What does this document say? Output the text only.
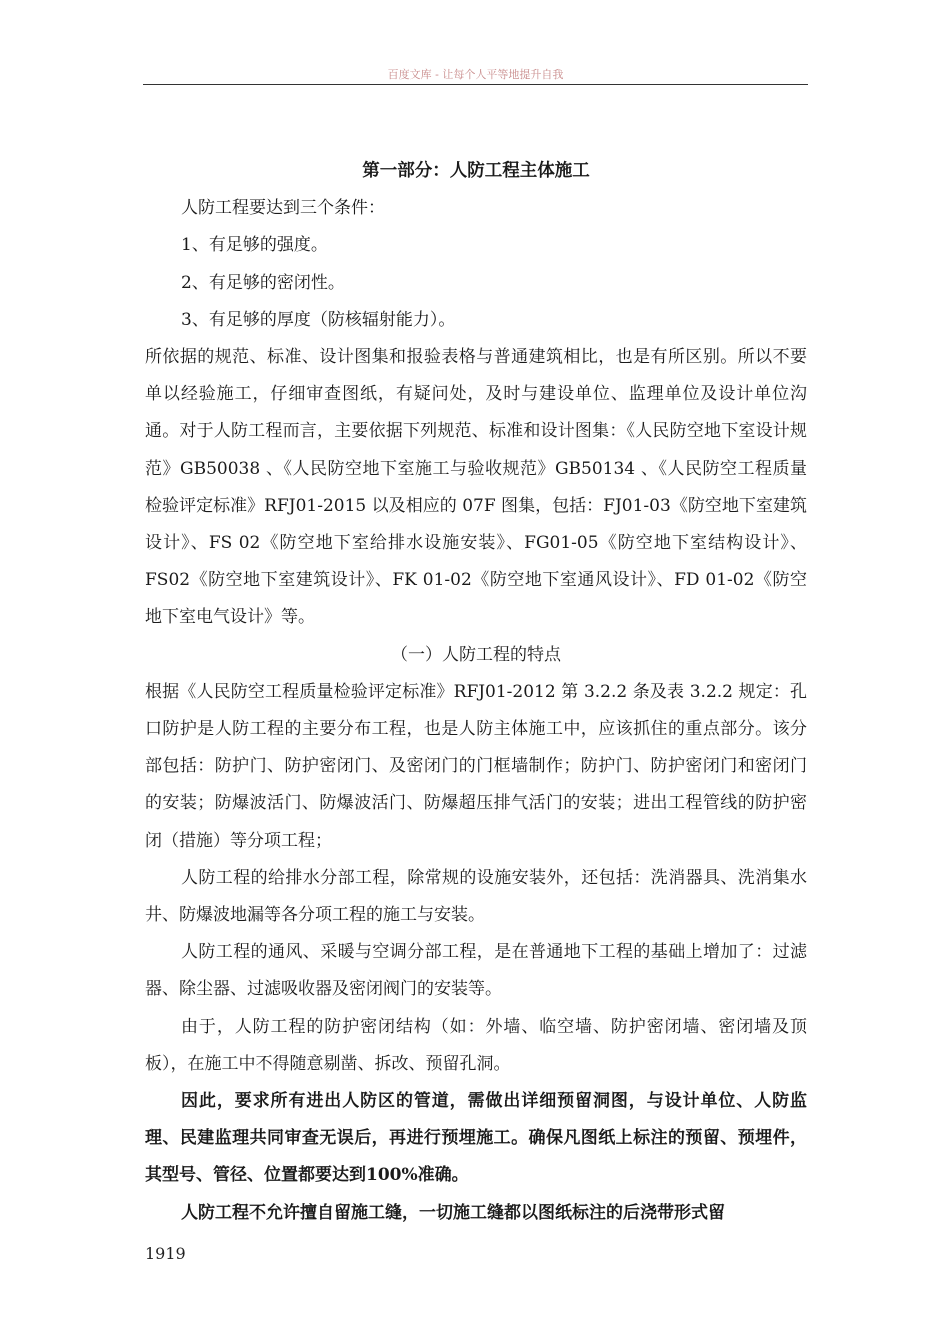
百度文库 - 让每个人平等地提升自我

第一部分：人防工程主体施工

人防工程要达到三个条件：

1、有足够的强度。

2、有足够的密闭性。

3、有足够的厚度（防核辐射能力）。

所依据的规范、标准、设计图集和报验表格与普通建筑相比，也是有所区别。所以不要单以经验施工，仔细审查图纸，有疑问处，及时与建设单位、监理单位及设计单位沟通。对于人防工程而言，主要依据下列规范、标准和设计图集：《人民防空地下室设计规范》GB50038 、《人民防空地下室施工与验收规范》GB50134 、《人民防空工程质量检验评定标准》RFJ01-2015 以及相应的 07F 图集，包括：FJ01-03《防空地下室建筑设计》、FS 02《防空地下室给排水设施安装》、FG01-05《防空地下室结构设计》、FS02《防空地下室建筑设计》、FK 01-02《防空地下室通风设计》、FD 01-02《防空地下室电气设计》等。

（一）人防工程的特点

根据《人民防空工程质量检验评定标准》RFJ01-2012 第 3.2.2 条及表 3.2.2 规定：孔口防护是人防工程的主要分布工程，也是人防主体施工中，应该抓住的重点部分。该分部包括：防护门、防护密闭门、及密闭门的门框墙制作；防护门、防护密闭门和密闭门的安装；防爆波活门、防爆波活门、防爆超压排气活门的安装；进出工程管线的防护密闭（措施）等分项工程；

人防工程的给排水分部工程，除常规的设施安装外，还包括：洗消器具、洗消集水井、防爆波地漏等各分项工程的施工与安装。

人防工程的通风、采暖与空调分部工程，是在普通地下工程的基础上增加了：过滤器、除尘器、过滤吸收器及密闭阀门的安装等。

由于，人防工程的防护密闭结构（如：外墙、临空墙、防护密闭墙、密闭墙及顶板），在施工中不得随意剔凿、拆改、预留孔洞。

因此，要求所有进出人防区的管道，需做出详细预留洞图，与设计单位、人防监理、民建监理共同审查无误后，再进行预埋施工。确保凡图纸上标注的预留、预埋件，其型号、管径、位置都要达到100%准确。

人防工程不允许擅自留施工缝，一切施工缝都以图纸标注的后浇带形式留

1919
